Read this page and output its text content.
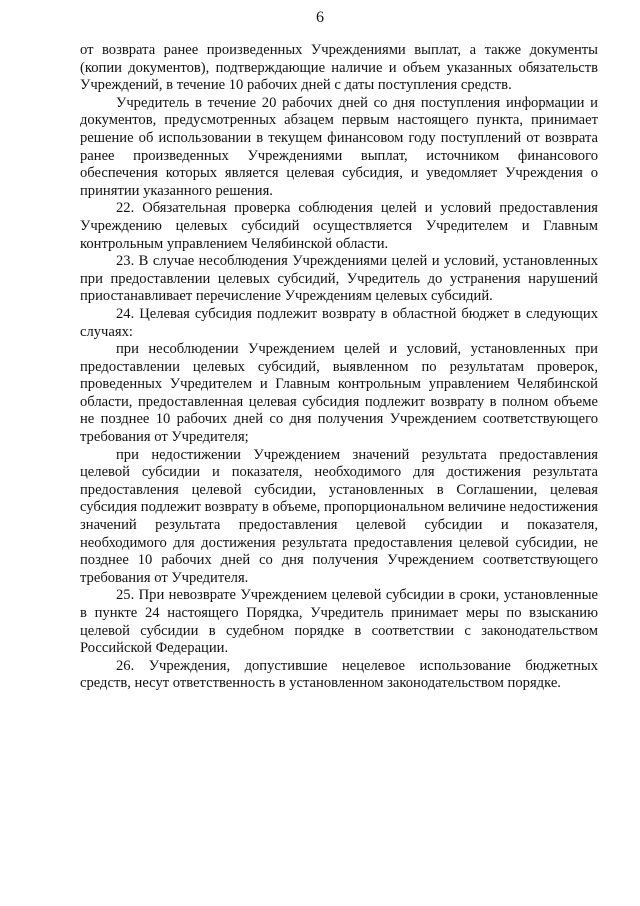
6

от возврата ранее произведенных Учреждениями выплат, а также документы (копии документов), подтверждающие наличие и объем указанных обязательств Учреждений, в течение 10 рабочих дней с даты поступления средств.

Учредитель в течение 20 рабочих дней со дня поступления информации и документов, предусмотренных абзацем первым настоящего пункта, принимает решение об использовании в текущем финансовом году поступлений от возврата ранее произведенных Учреждениями выплат, источником финансового обеспечения которых является целевая субсидия, и уведомляет Учреждения о принятии указанного решения.

22. Обязательная проверка соблюдения целей и условий предоставления Учреждению целевых субсидий осуществляется Учредителем и Главным контрольным управлением Челябинской области.

23. В случае несоблюдения Учреждениями целей и условий, установленных при предоставлении целевых субсидий, Учредитель до устранения нарушений приостанавливает перечисление Учреждениям целевых субсидий.

24. Целевая субсидия подлежит возврату в областной бюджет в следующих случаях:

при несоблюдении Учреждением целей и условий, установленных при предоставлении целевых субсидий, выявленном по результатам проверок, проведенных Учредителем и Главным контрольным управлением Челябинской области, предоставленная целевая субсидия подлежит возврату в полном объеме не позднее 10 рабочих дней со дня получения Учреждением соответствующего требования от Учредителя;

при недостижении Учреждением значений результата предоставления целевой субсидии и показателя, необходимого для достижения результата предоставления целевой субсидии, установленных в Соглашении, целевая субсидия подлежит возврату в объеме, пропорциональном величине недостижения значений результата предоставления целевой субсидии и показателя, необходимого для достижения результата предоставления целевой субсидии, не позднее 10 рабочих дней со дня получения Учреждением соответствующего требования от Учредителя.

25. При невозврате Учреждением целевой субсидии в сроки, установленные в пункте 24 настоящего Порядка, Учредитель принимает меры по взысканию целевой субсидии в судебном порядке в соответствии с законодательством Российской Федерации.

26. Учреждения, допустившие нецелевое использование бюджетных средств, несут ответственность в установленном законодательством порядке.
